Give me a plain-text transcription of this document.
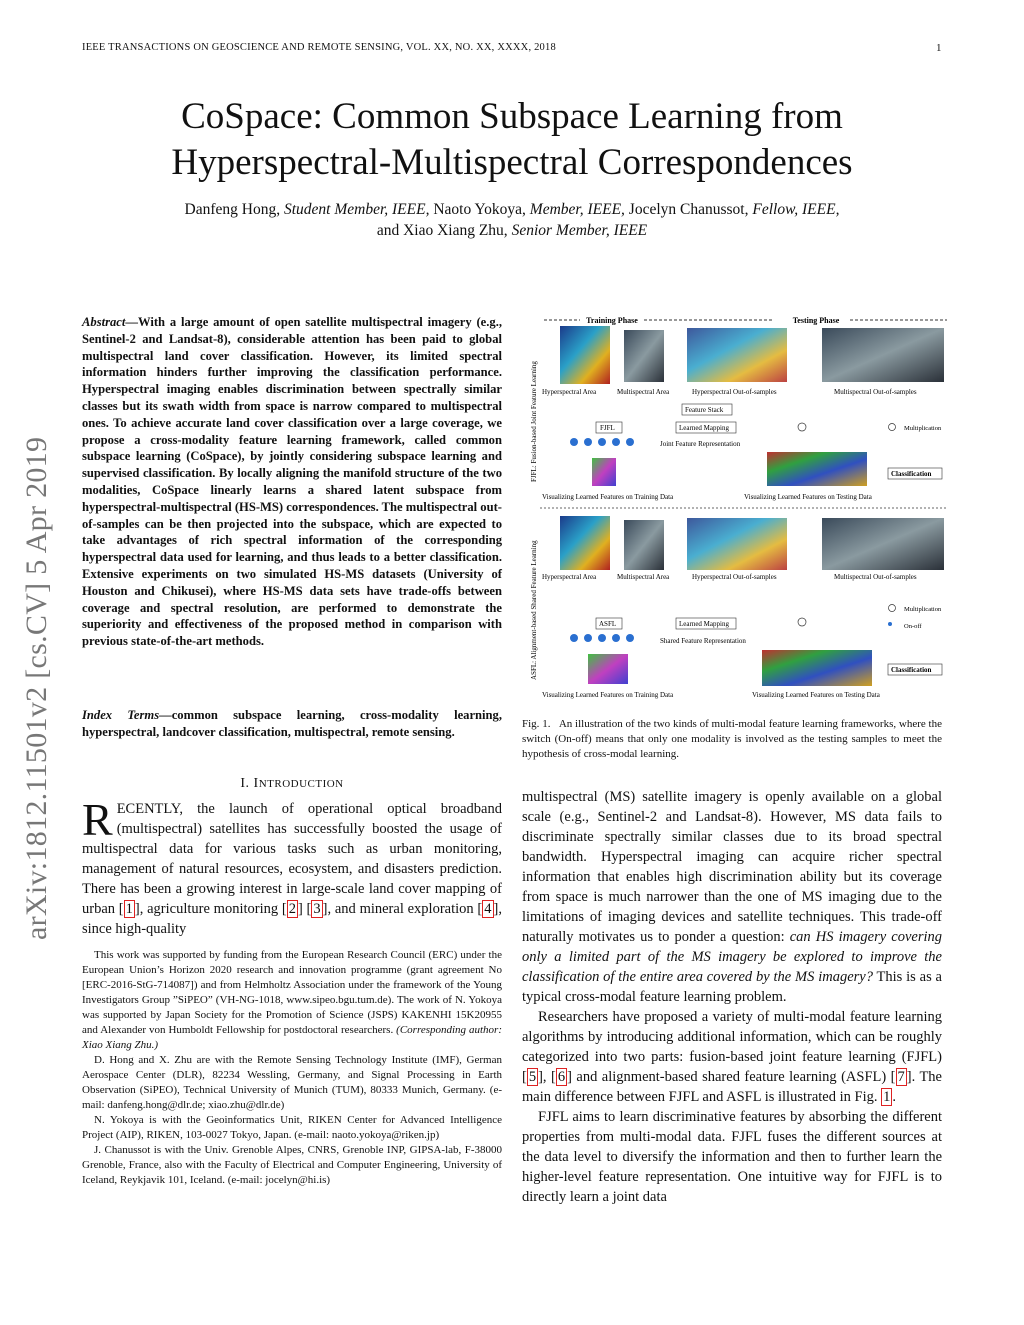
IEEE TRANSACTIONS ON GEOSCIENCE AND REMOTE SENSING, VOL. XX, NO. XX, XXXX, 2018	1
CoSpace: Common Subspace Learning from
Hyperspectral-Multispectral Correspondences
Danfeng Hong, Student Member, IEEE, Naoto Yokoya, Member, IEEE, Jocelyn Chanussot, Fellow, IEEE,
and Xiao Xiang Zhu, Senior Member, IEEE
arXiv:1812.11501v2 [cs.CV] 5 Apr 2019
Abstract—With a large amount of open satellite multispectral imagery (e.g., Sentinel-2 and Landsat-8), considerable attention has been paid to global multispectral land cover classification. However, its limited spectral information hinders further improving the classification performance. Hyperspectral imaging enables discrimination between spectrally similar classes but its swath width from space is narrow compared to multispectral ones. To achieve accurate land cover classification over a large coverage, we propose a cross-modality feature learning framework, called common subspace learning (CoSpace), by jointly considering subspace learning and supervised classification. By locally aligning the manifold structure of the two modalities, CoSpace linearly learns a shared latent subspace from hyperspectral-multispectral (HS-MS) correspondences. The multispectral out-of-samples can be then projected into the subspace, which are expected to take advantages of rich spectral information of the corresponding hyperspectral data used for learning, and thus leads to a better classification. Extensive experiments on two simulated HS-MS datasets (University of Houston and Chikusei), where HS-MS data sets have trade-offs between coverage and spectral resolution, are performed to demonstrate the superiority and effectiveness of the proposed method in comparison with previous state-of-the-art methods.
Index Terms—common subspace learning, cross-modality learning, hyperspectral, landcover classification, multispectral, remote sensing.
I. INTRODUCTION
RECENTLY, the launch of operational optical broadband (multispectral) satellites has successfully boosted the usage of multispectral data for various tasks such as urban monitoring, management of natural resources, ecosystem, and disasters prediction. There has been a growing interest in large-scale land cover mapping of urban [ 1 ], agriculture monitoring [ 2 ] [ 3 ], and mineral exploration [ 4 ], since high-quality

This work was supported by funding from the European Research Council (ERC) under the European Union’s Horizon 2020 research and innovation programme (grant agreement No [ERC-2016-StG-714087]) and from Helmholtz Association under the framework of the Young Investigators Group ”SiPEO” (VH-NG-1018, www.sipeo.bgu.tum.de). The work of N. Yokoya was supported by Japan Society for the Promotion of Science (JSPS) KAKENHI 15K20955 and Alexander von Humboldt Fellowship for postdoctoral researchers. (Corresponding author: Xiao Xiang Zhu.)

D. Hong and X. Zhu are with the Remote Sensing Technology Institute (IMF), German Aerospace Center (DLR), 82234 Wessling, Germany, and Signal Processing in Earth Observation (SiPEO), Technical University of Munich (TUM), 80333 Munich, Germany. (e-mail: danfeng.hong@dlr.de; xiao.zhu@dlr.de)

N. Yokoya is with the Geoinformatics Unit, RIKEN Center for Advanced Intelligence Project (AIP), RIKEN, 103-0027 Tokyo, Japan. (e-mail: naoto.yokoya@riken.jp)

J. Chanussot is with the Univ. Grenoble Alpes, CNRS, Grenoble INP, GIPSA-lab, F-38000 Grenoble, France, also with the Faculty of Electrical and Computer Engineering, University of Iceland, Reykjavik 101, Iceland. (e-mail: jocelyn@hi.is)

Training Phase	Testing Phase
FJFL: Fusion-based Joint Feature Learning
ASFL: Alignment-based Shared Feature Learning
Hyperspectral Area	Multispectral Area	Hyperspectral Out-of-samples	Multispectral Out-of-samples
Feature Stack
FJFL	Learned Mapping	Multiplication
Joint Feature Representation
Classification
Visualizing Learned Features on Training Data	Visualizing Learned Features on Testing Data
Hyperspectral Area	Multispectral Area	Hyperspectral Out-of-samples	Multispectral Out-of-samples
Multiplication
On-off
ASFL	Learned Mapping
Shared Feature Representation
Classification
Visualizing Learned Features on Training Data	Visualizing Learned Features on Testing Data
Fig. 1. An illustration of the two kinds of multi-modal feature learning frameworks, where the switch (On-off) means that only one modality is involved as the testing samples to meet the hypothesis of cross-modal learning.

multispectral (MS) satellite imagery is openly available on a global scale (e.g., Sentinel-2 and Landsat-8). However, MS data fails to discriminate spectrally similar classes due to its broad spectral bandwidth. Hyperspectral imaging can acquire richer spectral information that enables high discrimination ability but its coverage from space is much narrower than the one of MS imaging due to the limitations of imaging devices and satellite techniques. This trade-off naturally motivates us to ponder a question: can HS imagery covering only a limited part of the MS imagery be explored to improve the classification of the entire area covered by the MS imagery? This is as a typical cross-modal feature learning problem.

Researchers have proposed a variety of multi-modal feature learning algorithms by introducing additional information, which can be roughly categorized into two parts: fusion-based joint feature learning (FJFL) [ 5 ], [ 6 ] and alignment-based shared feature learning (ASFL) [ 7 ]. The main difference between FJFL and ASFL is illustrated in Fig. 1 .

FJFL aims to learn discriminative features by absorbing the different properties from multi-modal data. FJFL fuses the different sources at the data level to diversify the information and then to further learn the higher-level feature representation. One intuitive way for FJFL is to directly learn a joint data
